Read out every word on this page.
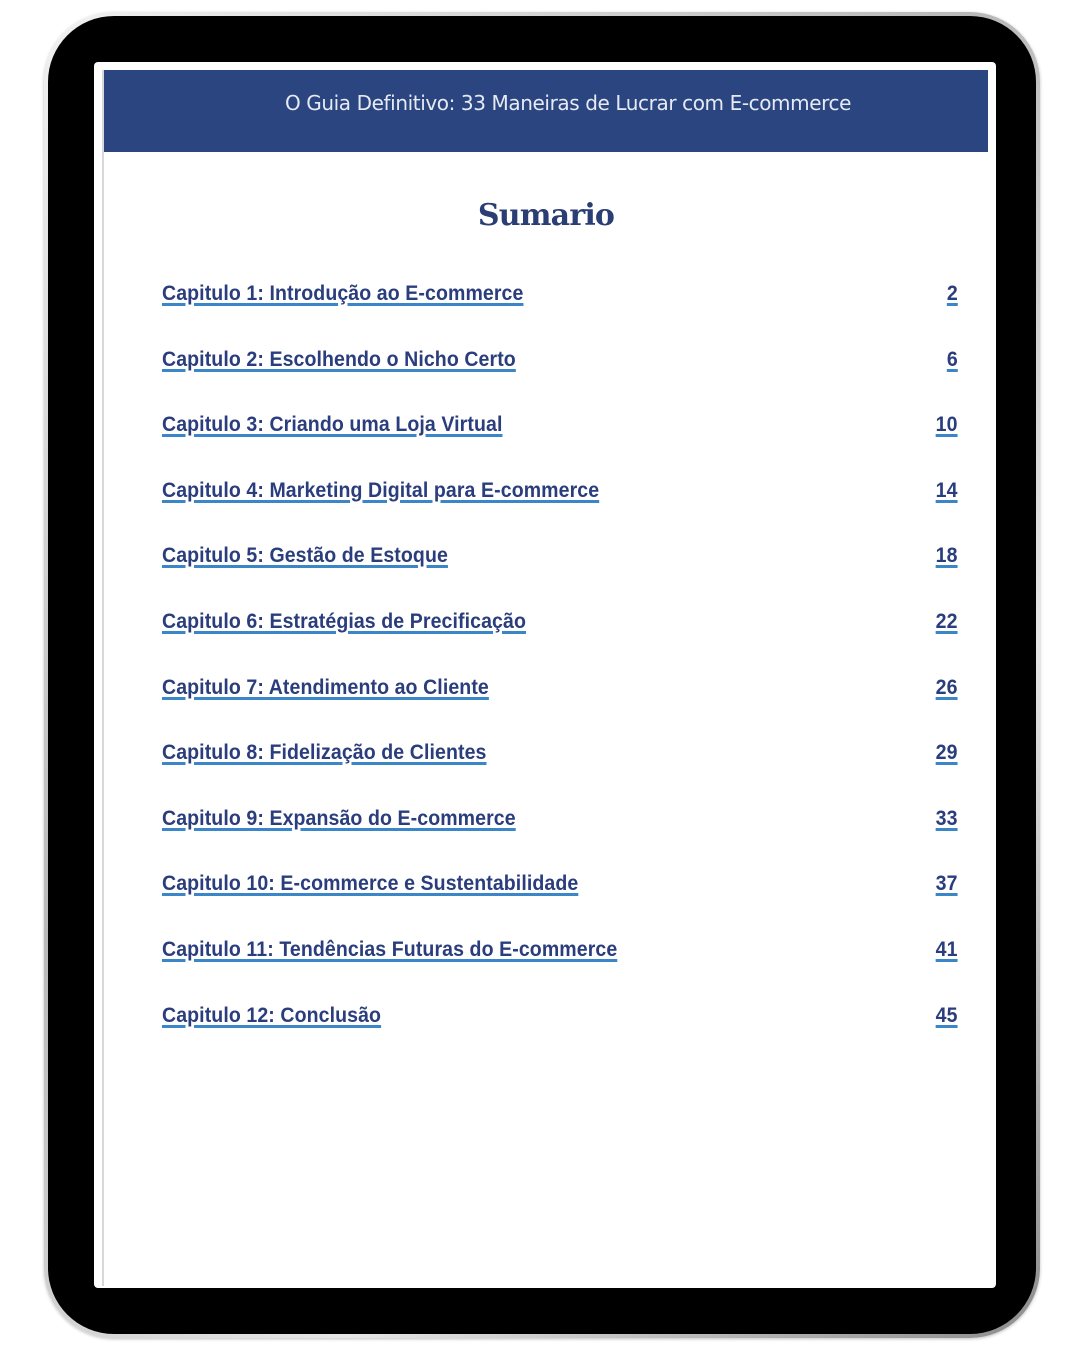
O Guia Definitivo: 33 Maneiras de Lucrar com E-commerce
Sumario
Capitulo 1: Introdução ao E-commerce	2
Capitulo 2: Escolhendo o Nicho Certo	6
Capitulo 3: Criando uma Loja Virtual	10
Capitulo 4: Marketing Digital para E-commerce	14
Capitulo 5: Gestão de Estoque	18
Capitulo 6: Estratégias de Precificação	22
Capitulo 7: Atendimento ao Cliente	26
Capitulo 8: Fidelização de Clientes	29
Capitulo 9: Expansão do E-commerce	33
Capitulo 10: E-commerce e Sustentabilidade	37
Capitulo 11: Tendências Futuras do E-commerce	41
Capitulo 12: Conclusão	45
